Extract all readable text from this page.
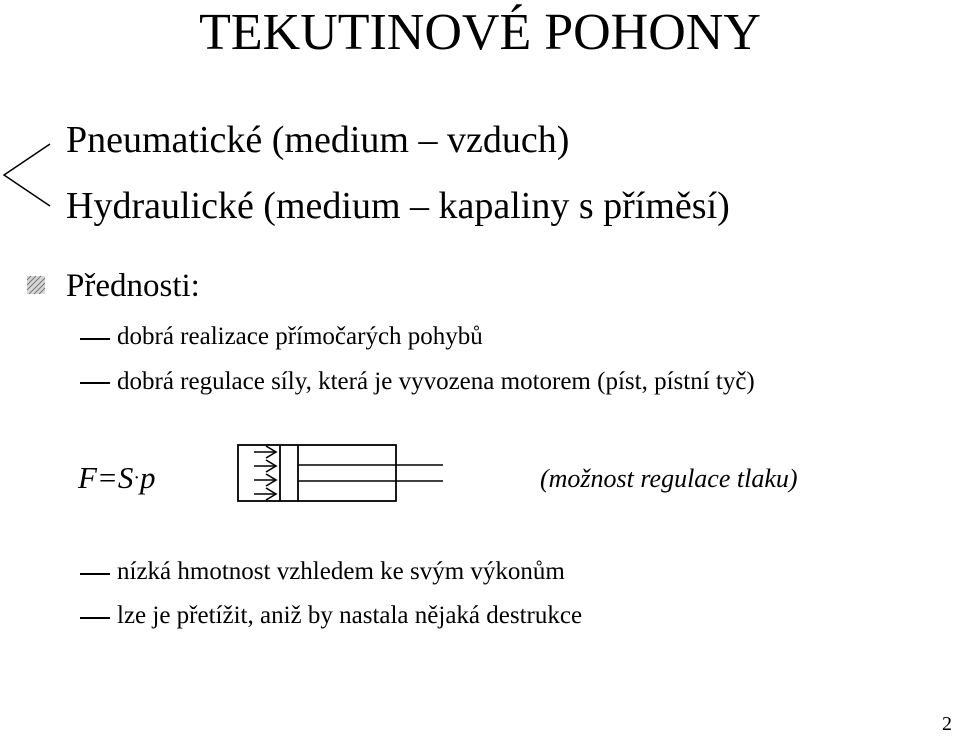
TEKUTINOVÉ POHONY
Pneumatické (medium – vzduch)
Hydraulické (medium – kapaliny s příměsí)
Přednosti:
dobrá realizace přímočarých pohybů
dobrá regulace síly, která je vyvozena motorem (píst, pístní tyč)
F=S·p	(možnost regulace tlaku)
nízká hmotnost vzhledem ke svým výkonům
lze je přetížit, aniž by nastala nějaká destrukce
2
